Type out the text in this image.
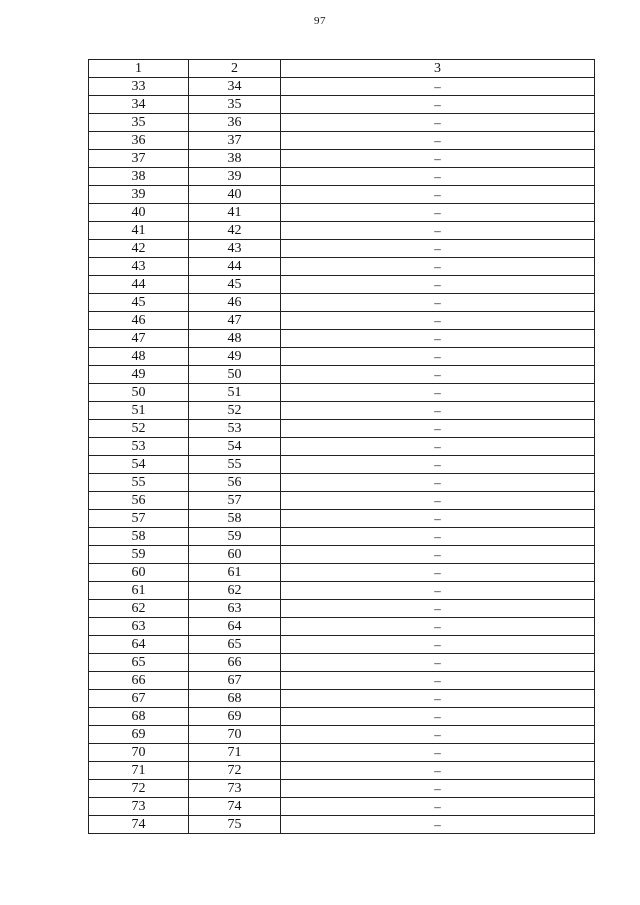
97
1	2	3
33	34	–
34	35	–
35	36	–
36	37	–
37	38	–
38	39	–
39	40	–
40	41	–
41	42	–
42	43	–
43	44	–
44	45	–
45	46	–
46	47	–
47	48	–
48	49	–
49	50	–
50	51	–
51	52	–
52	53	–
53	54	–
54	55	–
55	56	–
56	57	–
57	58	–
58	59	–
59	60	–
60	61	–
61	62	–
62	63	–
63	64	–
64	65	–
65	66	–
66	67	–
67	68	–
68	69	–
69	70	–
70	71	–
71	72	–
72	73	–
73	74	–
74	75	–
